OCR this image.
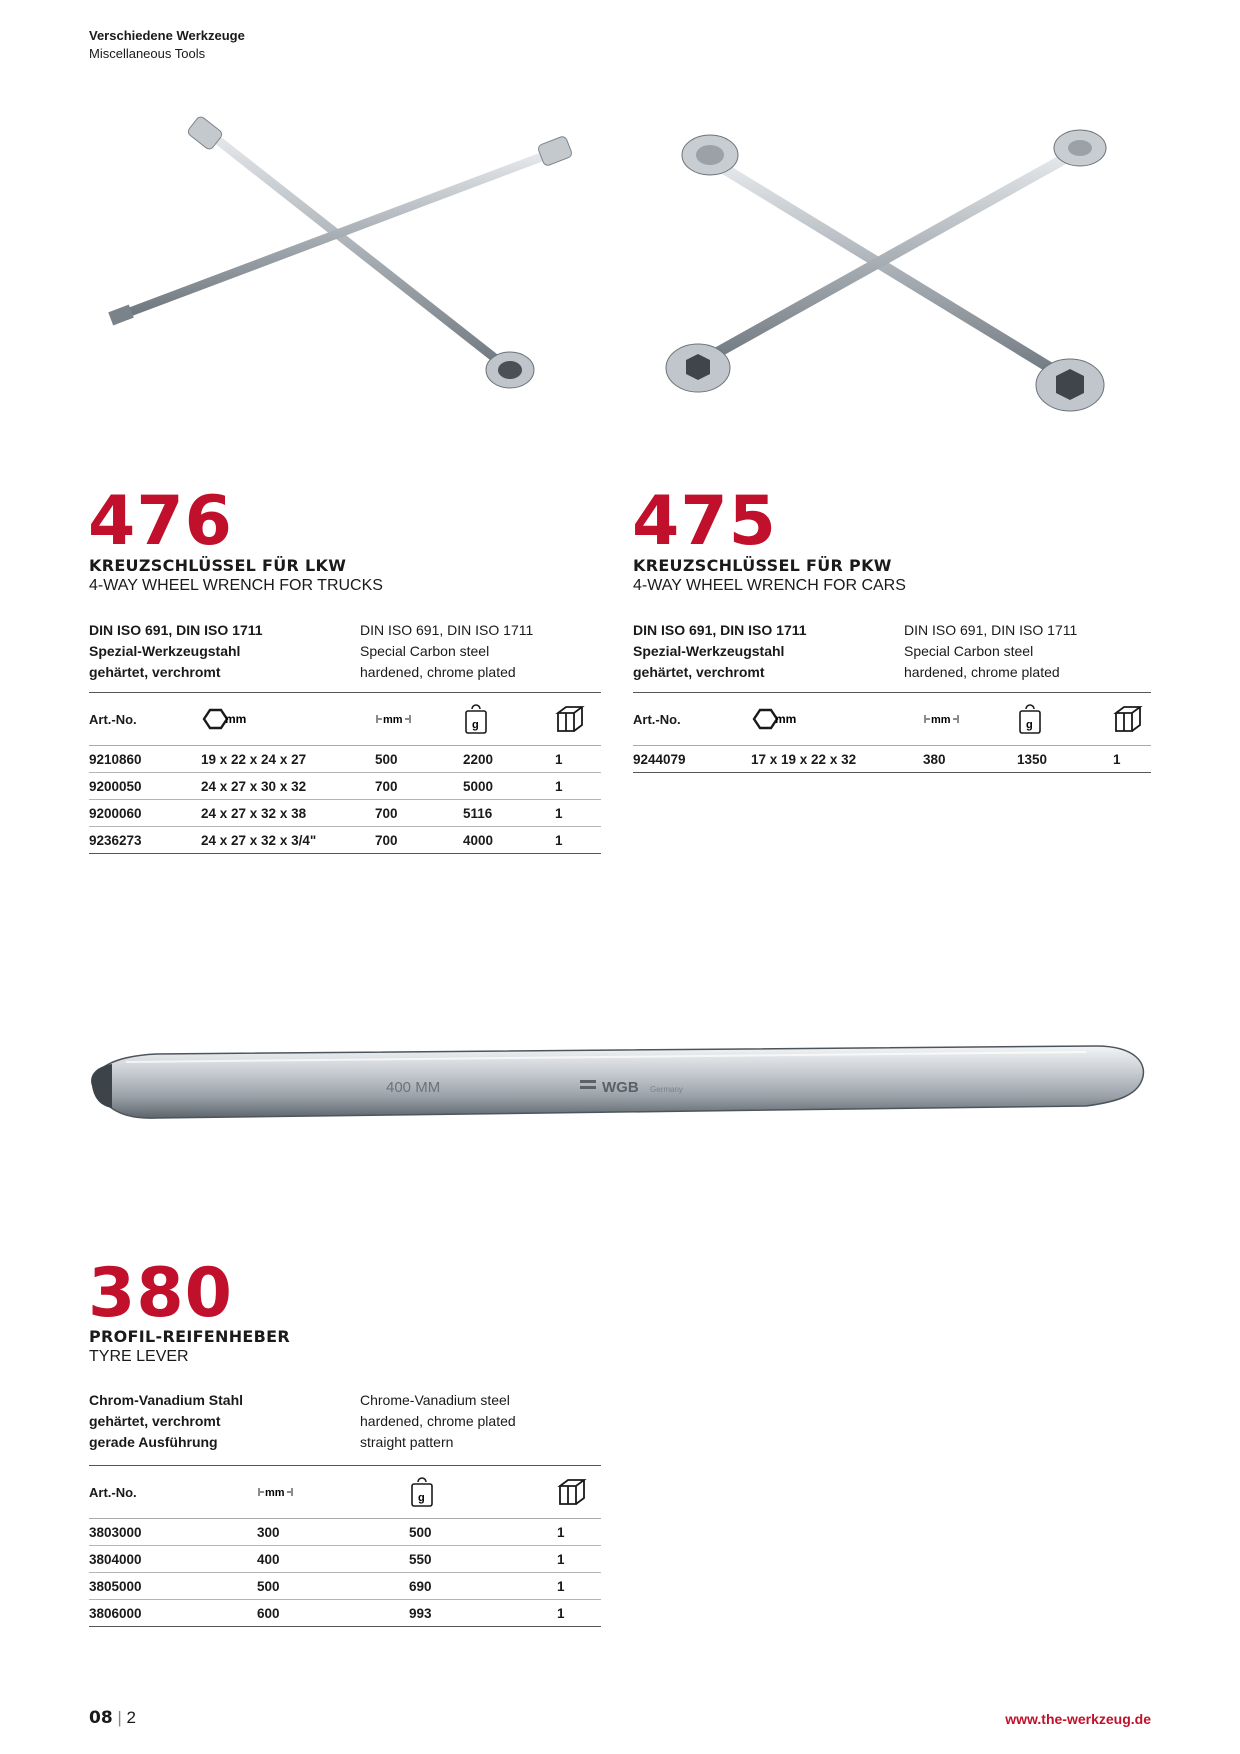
Verschiedene Werkzeuge
Miscellaneous Tools
476
KREUZSCHLÜSSEL FÜR LKW
4-WAY WHEEL WRENCH FOR TRUCKS
DIN ISO 691, DIN ISO 1711
Spezial-Werkzeugstahl
gehärtet, verchromt
DIN ISO 691, DIN ISO 1711
Special Carbon steel
hardened, chrome plated
Art.-No.	mm	mm	g

9210860	19 x 22 x 24 x 27	500	2200	1
9200050	24 x 27 x 30 x 32	700	5000	1
9200060	24 x 27 x 32 x 38	700	5116	1
9236273	24 x 27 x 32 x 3/4"	700	4000	1
475
KREUZSCHLÜSSEL FÜR PKW
4-WAY WHEEL WRENCH FOR CARS
DIN ISO 691, DIN ISO 1711
Spezial-Werkzeugstahl
gehärtet, verchromt
DIN ISO 691, DIN ISO 1711
Special Carbon steel
hardened, chrome plated
Art.-No.	mm	mm	g

9244079	17 x 19 x 22 x 32	380	1350	1
400 MM	WGB Germany
380
PROFIL-REIFENHEBER
TYRE LEVER
Chrom-Vanadium Stahl
gehärtet, verchromt
gerade Ausführung
Chrome-Vanadium steel
hardened, chrome plated
straight pattern
Art.-No.	mm	g

3803000	300	500	1
3804000	400	550	1
3805000	500	690	1
3806000	600	993	1
08 | 2	www.the-werkzeug.de
